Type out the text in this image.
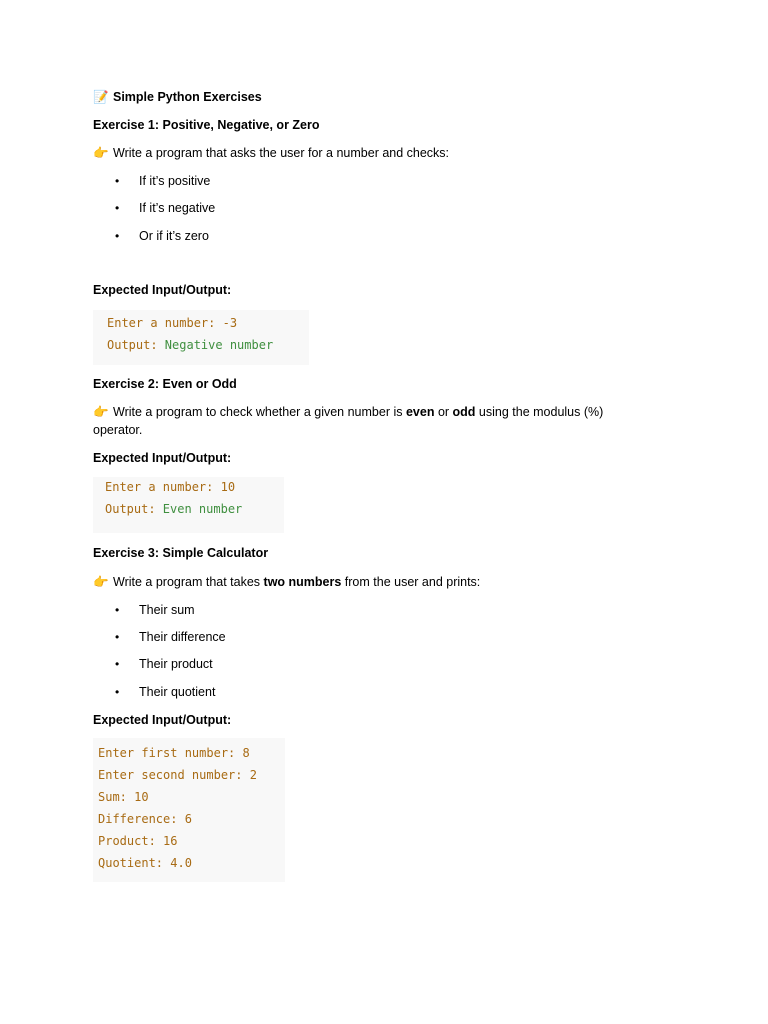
📝 Simple Python Exercises
Exercise 1: Positive, Negative, or Zero
👉 Write a program that asks the user for a number and checks:
• If it’s positive
• If it’s negative
• Or if it’s zero
Expected Input/Output:
Enter a number: -3
Output: Negative number
Exercise 2: Even or Odd
👉 Write a program to check whether a given number is even or odd using the modulus (%)
operator.
Expected Input/Output:
Enter a number: 10
Output: Even number
Exercise 3: Simple Calculator
👉 Write a program that takes two numbers from the user and prints:
• Their sum
• Their difference
• Their product
• Their quotient
Expected Input/Output:
Enter first number: 8
Enter second number: 2
Sum: 10
Difference: 6
Product: 16
Quotient: 4.0
